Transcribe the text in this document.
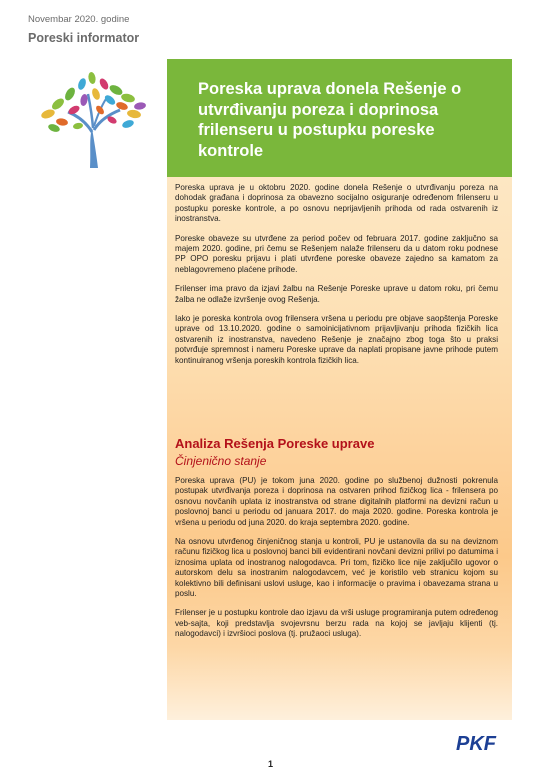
Novembar 2020. godine
Poreski informator
Poreska uprava donela Rešenje o utvrđivanju poreza i doprinosa frilenseru u postupku poreske kontrole

Poreska uprava je u oktobru 2020. godine donela Rešenje o utvrđivanju poreza na dohodak građana i doprinosa za obavezno socijalno osiguranje određenom frilenseru u postupku poreske kontrole, a po osnovu neprijavljenih prihoda od rada ostvarenih iz inostranstva.

Poreske obaveze su utvrđene za period počev od februara 2017. godine zaključno sa majem 2020. godine, pri čemu se Rešenjem nalaže frilenseru da u datom roku podnese PP OPO poresku prijavu i plati utvrđene poreske obaveze zajedno sa kamatom za neblagovremeno plaćene prihode.

Frilenser ima pravo da izjavi žalbu na Rešenje Poreske uprave u datom roku, pri čemu žalba ne odlaže izvršenje ovog Rešenja.

Iako je poreska kontrola ovog frilensera vršena u periodu pre objave saopštenja Poreske uprave od 13.10.2020. godine o samoinicijativnom prijavljivanju prihoda fizičkih lica ostvarenih iz inostranstva, navedeno Rešenje je značajno zbog toga što u praksi potvrđuje spremnost i nameru Poreske uprave da naplati propisane javne prihode putem kontinuiranog vršenja poreskih kontrola fizičkih lica.

Analiza Rešenja Poreske uprave
Činjenično stanje

Poreska uprava (PU) je tokom juna 2020. godine po službenoj dužnosti pokrenula postupak utvrđivanja poreza i doprinosa na ostvaren prihod fizičkog lica - frilensera po osnovu novčanih uplata iz inostranstva od strane digitalnih platformi na devizni račun u poslovnoj banci u periodu od januara 2017. do maja 2020. godine. Poreska kontrola je vršena u periodu od juna 2020. do kraja septembra 2020. godine.

Na osnovu utvrđenog činjeničnog stanja u kontroli, PU je ustanovila da su na deviznom računu fizičkog lica u poslovnoj banci bili evidentirani novčani devizni prilivi po datumima i iznosima uplata od inostranog nalogodavca. Pri tom, fizičko lice nije zaključilo ugovor o autorskom delu sa inostranim nalogodavcem, već je koristilo veb stranicu kojom su kolektivno bili definisani uslovi usluge, kao i informacije o pravima i obavezama strana u poslu.

Frilenser je u postupku kontrole dao izjavu da vrši usluge programiranja putem određenog veb-sajta, koji predstavlja svojevrsnu berzu rada na kojoj se javljaju klijenti (tj. nalogodavci) i izvršioci poslova (tj. pružaoci usluga).

1
PKF
